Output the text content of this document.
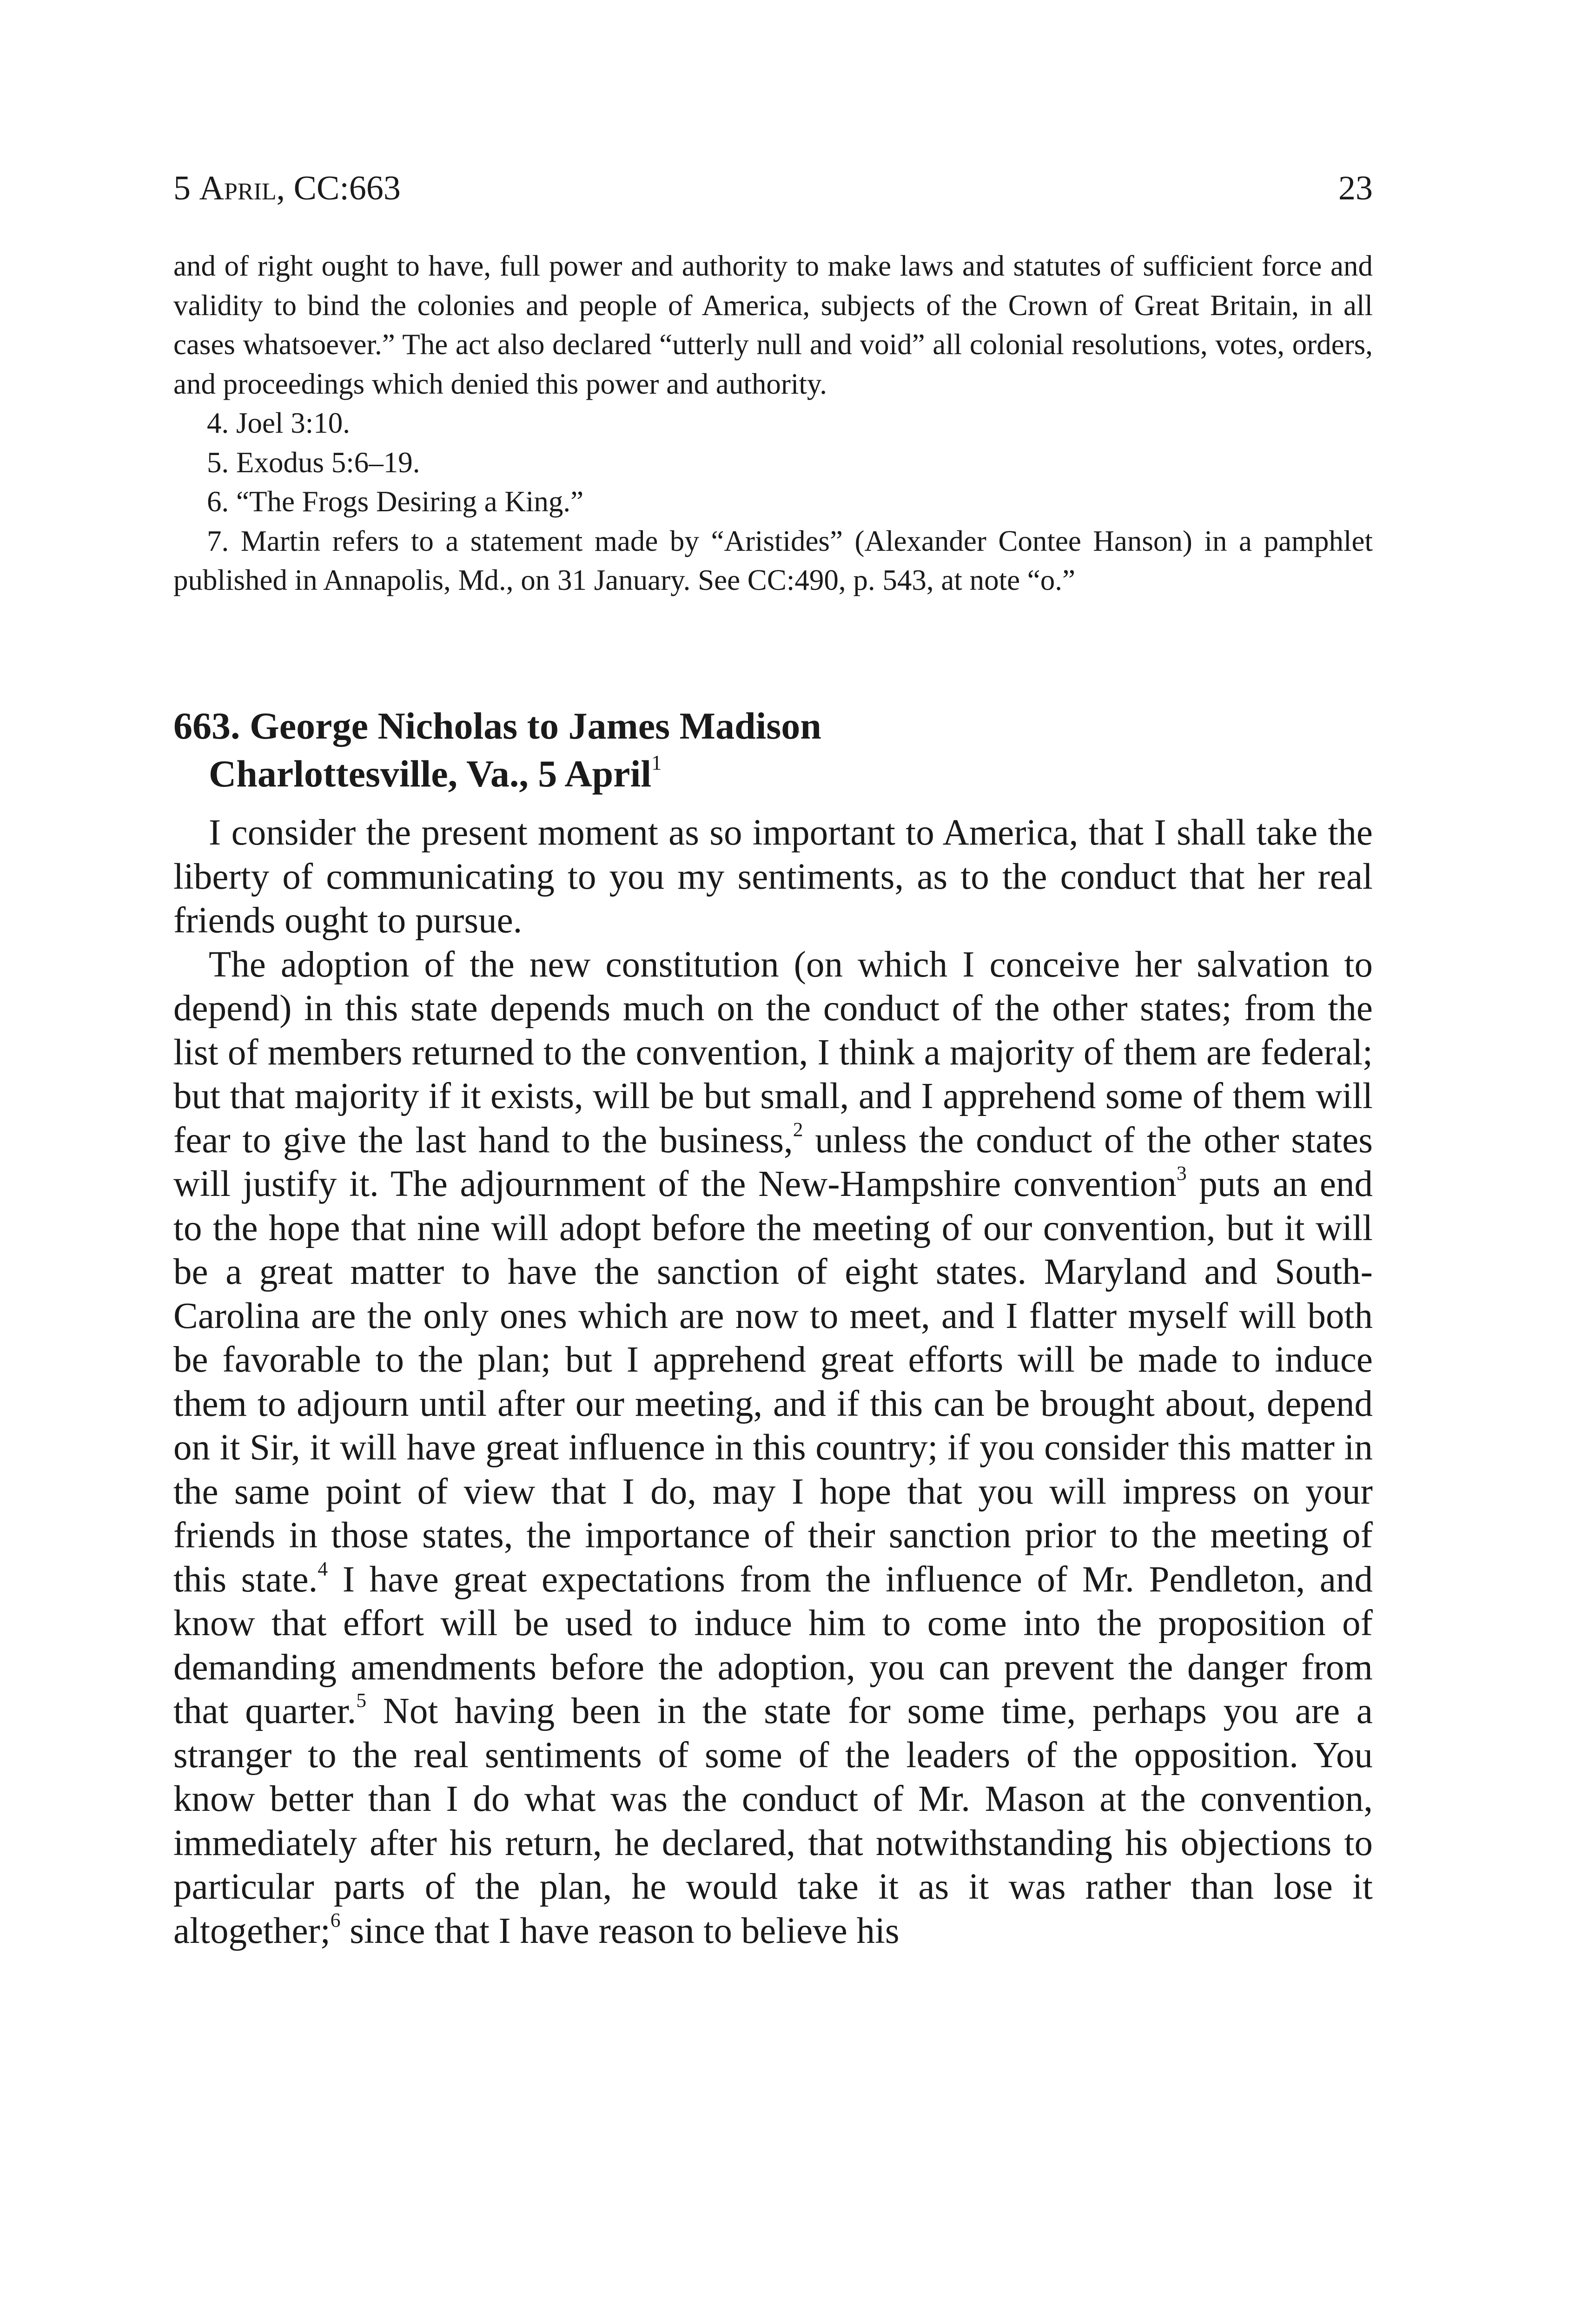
5 April, CC:663	23

and of right ought to have, full power and authority to make laws and statutes of sufficient force and validity to bind the colonies and people of America, subjects of the Crown of Great Britain, in all cases whatsoever.” The act also declared “utterly null and void” all colonial resolutions, votes, orders, and proceedings which denied this power and authority.

4. Joel 3:10.

5. Exodus 5:6–19.

6. “The Frogs Desiring a King.”

7. Martin refers to a statement made by “Aristides” (Alexander Contee Hanson) in a pamphlet published in Annapolis, Md., on 31 January. See CC:490, p. 543, at note “o.”

663. George Nicholas to James Madison
Charlottesville, Va., 5 April$^1$

I consider the present moment as so important to America, that I shall take the liberty of communicating to you my sentiments, as to the conduct that her real friends ought to pursue.

The adoption of the new constitution (on which I conceive her salvation to depend) in this state depends much on the conduct of the other states; from the list of members returned to the convention, I think a majority of them are federal; but that majority if it exists, will be but small, and I apprehend some of them will fear to give the last hand to the business,$^2$ unless the conduct of the other states will justify it. The adjournment of the New-Hampshire convention$^3$ puts an end to the hope that nine will adopt before the meeting of our convention, but it will be a great matter to have the sanction of eight states. Maryland and South-Carolina are the only ones which are now to meet, and I flatter myself will both be favorable to the plan; but I apprehend great efforts will be made to induce them to adjourn until after our meeting, and if this can be brought about, depend on it Sir, it will have great influence in this country; if you consider this matter in the same point of view that I do, may I hope that you will impress on your friends in those states, the importance of their sanction prior to the meeting of this state.$^4$ I have great expectations from the influence of Mr. Pendleton, and know that effort will be used to induce him to come into the proposition of demanding amendments before the adoption, you can prevent the danger from that quarter.$^5$ Not having been in the state for some time, perhaps you are a stranger to the real sentiments of some of the leaders of the opposition. You know better than I do what was the conduct of Mr. Mason at the convention, immediately after his return, he declared, that notwithstanding his objections to particular parts of the plan, he would take it as it was rather than lose it altogether;$^6$ since that I have reason to believe his
